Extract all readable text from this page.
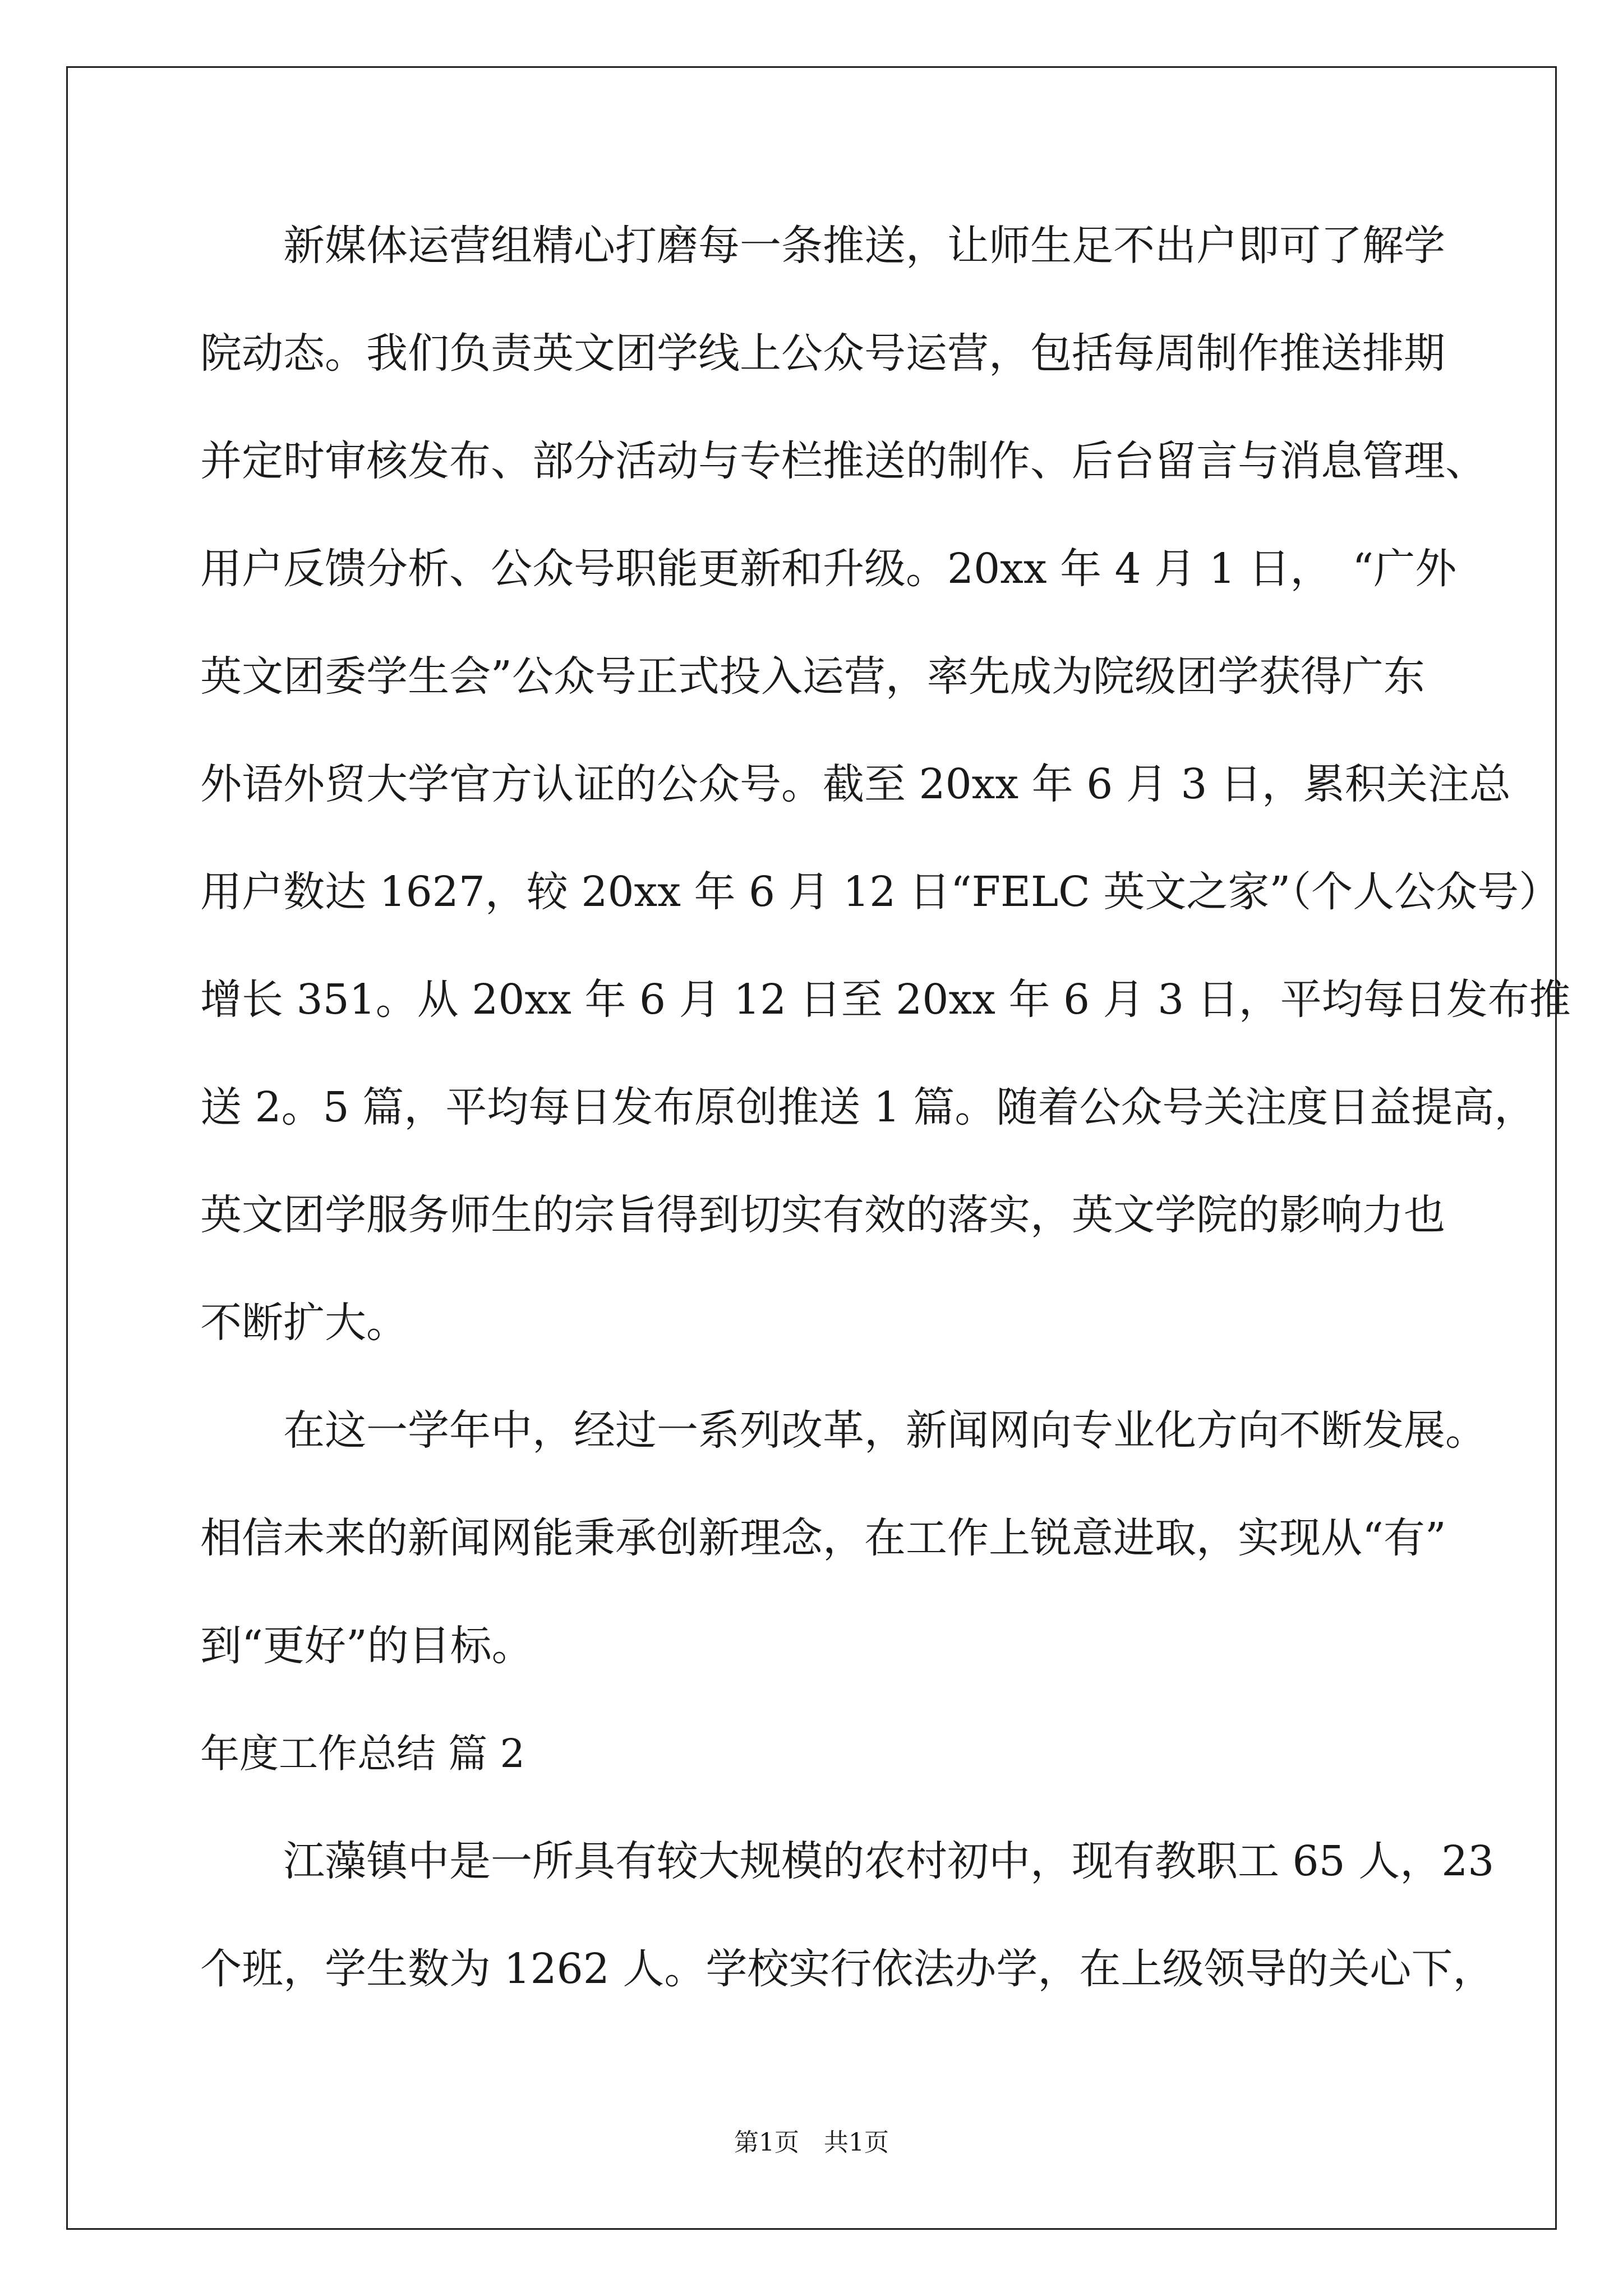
　　新媒体运营组精心打磨每一条推送，让师生足不出户即可了解学
院动态。我们负责英文团学线上公众号运营，包括每周制作推送排期
并定时审核发布、部分活动与专栏推送的制作、后台留言与消息管理、
用户反馈分析、公众号职能更新和升级。20xx 年 4 月 1 日，　“广外
英文团委学生会”公众号正式投入运营，率先成为院级团学获得广东
外语外贸大学官方认证的公众号。截至 20xx 年 6 月 3 日，累积关注总
用户数达 1627，较 20xx 年 6 月 12 日“FELC 英文之家”（个人公众号）
增长 351。从 20xx 年 6 月 12 日至 20xx 年 6 月 3 日，平均每日发布推
送 2。5 篇，平均每日发布原创推送 1 篇。随着公众号关注度日益提高，
英文团学服务师生的宗旨得到切实有效的落实，英文学院的影响力也
不断扩大。
　　在这一学年中，经过一系列改革，新闻网向专业化方向不断发展。
相信未来的新闻网能秉承创新理念，在工作上锐意进取，实现从“有”
到“更好”的目标。
年度工作总结 篇 2
　　江藻镇中是一所具有较大规模的农村初中，现有教职工 65 人，23
个班，学生数为 1262 人。学校实行依法办学，在上级领导的关心下，
第1页　共1页
